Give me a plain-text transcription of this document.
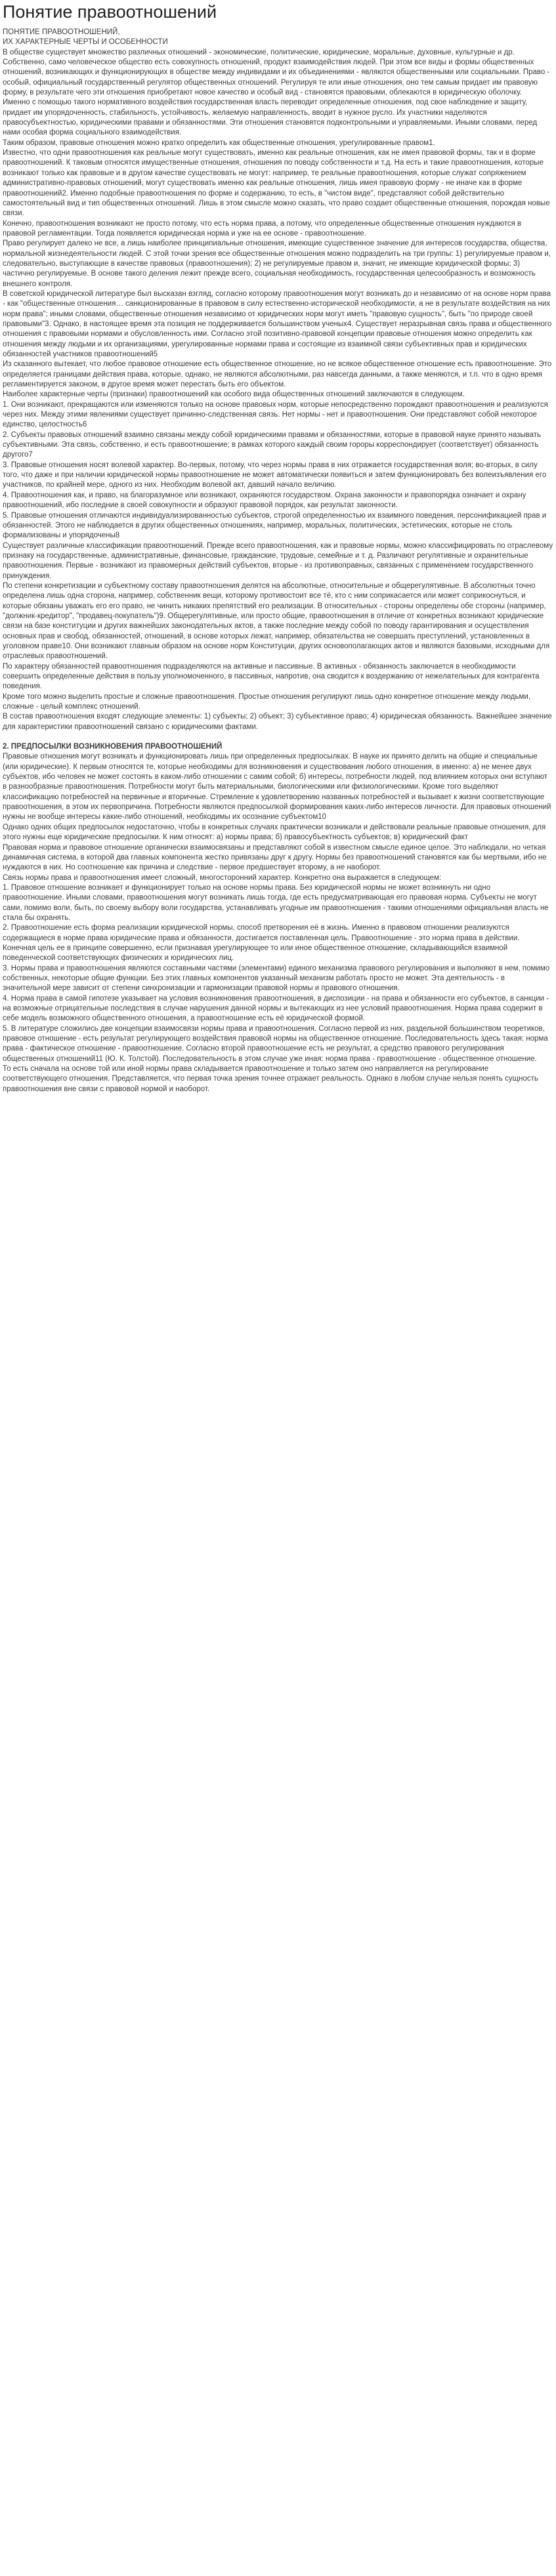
Понятие правоотношений

ПОНЯТИЕ ПРАВООТНОШЕНИЙ,

ИХ ХАРАКТЕРНЫЕ ЧЕРТЫ И ОСОБЕННОСТИ

В обществе существует множество различных отношений - экономические, политические, юридические, моральные, духовные, культурные и др. Собственно, само человеческое общество есть совокупность отношений, продукт взаимодействия людей. При этом все виды и формы общественных отношений, возникающих и функционирующих в обществе между индивидами и их объединениями - являются общественными или социальными. Право - особый, официальный государственный регулятор общественных отношений. Регулируя те или иные отношения, оно тем самым придает им правовую форму, в результате чего эти отношения приобретают новое качество и особый вид - становятся правовыми, облекаются в юридическую оболочку.

Именно с помощью такого нормативного воздействия государственная власть переводит определенные отношения, под свое наблюдение и защиту, придает им упорядоченность, стабильность, устойчивость, желаемую направленность, вводит в нужное русло. Их участники наделяются правосубъектностью, юридическими правами и обязанностями. Эти отношения становятся подконтрольными и управляемыми. Иными словами, перед нами особая форма социального взаимодействия.

Таким образом, правовые отношения можно кратко определить как общественные отношения, урегулированные правом1.

Известно, что одни правоотношения как реальные могут существовать, именно как реальные отношения, как не имея правовой формы, так и в форме правоотношений. К таковым относятся имущественные отношения, отношения по поводу собственности и т.д. На есть и такие правоотношения, которые возникают только как правовые и в другом качестве существовать не могут: например, те реальные правоотношения, которые служат сопряжением административно-правовых отношений, могут существовать именно как реальные отношения, лишь имея правовую форму - не иначе как в форме правоотношений2. Именно подобные правоотношения по форме и содержанию, то есть, в "чистом виде", представляют собой действительно самостоятельный вид и тип общественных отношений. Лишь в этом смысле можно сказать, что право создает общественные отношения, порождая новые связи.

Конечно, правоотношения возникают не просто потому, что есть норма права, а потому, что определенные общественные отношения нуждаются в правовой регламентации. Тогда появляется юридическая норма и уже на ее основе - правоотношение.

Право регулирует далеко не все, а лишь наиболее принципиальные отношения, имеющие существенное значение для интересов государства, общества, нормальной жизнедеятельности людей. С этой точки зрения все общественные отношения можно подразделить на три группы: 1) регулируемые правом и, следовательно, выступающие в качестве правовых (правоотношения); 2) не регулируемые правом и, значит, не имеющие юридической формы; 3) частично регулируемые. В основе такого деления лежит прежде всего, социальная необходимость, государственная целесообразность и возможность внешнего контроля.

В советской юридической литературе был высказан взгляд, согласно которому правоотношения могут возникать до и независимо от на основе норм права - как "общественные отношения… санкционированные в правовом в силу естественно-исторической необходимости, а не в результате воздействия на них норм права"; иными словами, общественные отношения независимо от юридических норм могут иметь "правовую сущность", быть "по природе своей правовыми"3. Однако, в настоящее время эта позиция не поддерживается большинством ученых4. Существует неразрывная связь права и общественного отношения с правовыми нормами и обусловленность ими. Согласно этой позитивно-правовой концепции правовые отношения можно определить как отношения между людьми и их организациями, урегулированные нормами права и состоящие из взаимной связи субъективных прав и юридических обязанностей участников правоотношений5

Из сказанного вытекает, что любое правовое отношение есть общественное отношение, но не всякое общественное отношение есть правоотношение. Это определяется границами действия права, которые, однако, не являются абсолютными, раз навсегда данными, а также меняются, и т.п. что в одно время регламентируется законом, в другое время может перестать быть его объектом.

Наиболее характерные черты (признаки) правоотношений как особого вида общественных отношений заключаются в следующем.

1. Они возникают, прекращаются или изменяются только на основе правовых норм, которые непосредственно порождают правоотношения и реализуются через них. Между этими явлениями существует причинно-следственная связь. Нет нормы - нет и правоотношения. Они представляют собой некоторое единство, целостность6

2. Субъекты правовых отношений взаимно связаны между собой юридическими правами и обязанностями, которые в правовой науке принято называть субъективными. Эта связь, собственно, и есть правоотношение; в рамках которого каждый своим гороры корреспондирует (соответствует) обязанность другого7

3. Правовые отношения носят волевой характер. Во-первых, потому, что через нормы права в них отражается государственная воля; во-вторых, в силу того, что даже и при наличии юридической нормы правоотношение не может автоматически появиться и затем функционировать без волеизъявления его участников, по крайней мере, одного из них. Необходим волевой акт, давший начало величию.

4. Правоотношения как, и право, на благоразумное или возникают, охраняются государством. Охрана законности и правопорядка означает и охрану правоотношений, ибо последние в своей совокупности и образуют правовой порядок, как результат законности.

5. Правовые отношения отличаются индивидуализированностью субъектов, строгой определенностью их взаимного поведения, персонификацией прав и обязанностей. Этого не наблюдается в других общественных отношениях, например, моральных, политических, эстетических, которые не столь формализованы и упорядочены8

Существует различные классификации правоотношений. Прежде всего правоотношения, как и правовые нормы, можно классифицировать по отраслевому признаку на государственные, административные, финансовые, гражданские, трудовые, семейные и т. д. Различают регулятивные и охранительные правоотношения. Первые - возникают из правомерных действий субъектов, вторые - из противоправных, связанных с применением государственного принуждения.

По степени конкретизации и субъектному составу правоотношения делятся на абсолютные, относительные и общерегулятивные. В абсолютных точно определена лишь одна сторона, например, собственник вещи, которому противостоит все тё, кто с ним соприкасается или может соприкоснуться, и которые обязаны уважать его его право, не чинить никаких препятствий его реализации. В относительных - стороны определены обе стороны (например, "должник-кредитор", "продавец-покупатель")9. Общерегулятивные, или просто общие, правоотношения в отличие от конкретных возникают юридические связи на базе конституции и других важнейших законодательных актов, а также последние между собой по поводу гарантирования и осуществления основных прав и свобод, обязанностей, отношений, в основе которых лежат, например, обязательства не совершать преступлений, установленных в уголовном праве10. Они возникают главным образом на основе норм Конституции, других основополагающих актов и являются базовыми, исходными для отраслевых правоотношений.

По характеру обязанностей правоотношения подразделяются на активные и пассивные. В активных - обязанность заключается в необходимости совершить определенные действия в пользу уполномоченного, в пассивных, напротив, она сводится к воздержанию от нежелательных для контрагента поведения.

Кроме того можно выделить простые и сложные правоотношения. Простые отношения регулируют лишь одно конкретное отношение между людьми, сложные - целый комплекс отношений.

В состав правоотношения входят следующие элементы: 1) субъекты; 2) объект; 3) субъективное право; 4) юридическая обязанность. Важнейшее значение для характеристики правоотношений связано с юридическими фактами.

2. ПРЕДПОСЫЛКИ ВОЗНИКНОВЕНИЯ ПРАВООТНОШЕНИЙ

Правовые отношения могут возникать и функционировать лишь при определенных предпосылках. В науке их принято делить на общие и специальные (или юридические). К первым относятся те, которые необходимы для возникновения и существования любого отношения, в именно: а) не менее двух субъектов, ибо человек не может состоять в каком-либо отношении с самим собой; б) интересы, потребности людей, под влиянием которых они вступают в разнообразные правоотношения. Потребности могут быть материальными, биологическими или физиологическими. Кроме того выделяют классификацию потребностей на первичные и вторичные. Стремление к удовлетворению названных потребностей и вызывает к жизни соответствующие правоотношения, в этом их первопричина. Потребности являются предпосылкой формирования каких-либо интересов личности. Для правовых отношений нужны не вообще интересы какие-либо отношений, необходимы их осознание субъектом10

Однако одних общих предпосылок недостаточно, чтобы в конкретных случаях практически возникали и действовали реальные правовые отношения, для этого нужны еще юридические предпосылки. К ним относят: а) нормы права; б) правосубъектность субъектов; в) юридический факт

Правовая норма и правовое отношение органически взаимосвязаны и представляют собой в известном смысле единое целое. Это наблюдали, но четкая динамичная система, в которой два главных компонента жестко привязаны друг к другу. Нормы без правоотношений становятся как бы мертвыми, ибо не нуждаются в них. Но соотношение как причина и следствие - первое предшествует второму, а не наоборот.

Связь нормы права и правоотношения имеет сложный, многосторонний характер. Конкретно она выражается в следующем:

1. Правовое отношение возникает и функционирует только на основе нормы права. Без юридической нормы не может возникнуть ни одно правоотношение. Иными словами, правоотношения могут возникать лишь тогда, где есть предусматривающая его правовая норма. Субъекты не могут сами, помимо воли, быть, по своему выбору воли государства, устанавливать угодные им правоотношения - такими отношениями официальная власть не стала бы охранять.

2. Правоотношение есть форма реализации юридической нормы, способ претворения её в жизнь. Именно в правовом отношении реализуются содержащиеся в норме права юридические права и обязанности, достигается поставленная цель. Правоотношение - это норма права в действии. Конечная цель ее в принципе совершенно, если признавая урегулирующее то или иное общественное отношение, складывающийся взаимной поведенческой соответствующих физических и юридических лиц.

3. Нормы права и правоотношения являются составными частями (элементами) единого механизма правового регулирования и выполняют в нем, помимо собственных, некоторые общие функции. Без этих главных компонентов указанный механизм работать просто не может. Эта деятельность - в значительной мере зависит от степени синхронизации и гармонизации правовой нормы и правового отношения.

4. Норма права в самой гипотезе указывает на условия возникновения правоотношения, в диспозиции - на права и обязанности его субъектов, в санкции - на возможные отрицательные последствия в случае нарушения данной нормы и вытекающих из нее условий правоотношения. Норма права содержит в себе модель возможного общественного отношения, а правоотношение есть её юридической формой.

5. В литературе сложились две концепции взаимосвязи нормы права и правоотношения. Согласно первой из них, раздельной большинством теоретиков, правовое отношение - есть результат регулирующего воздействия правовой нормы на общественное отношение. Последовательность здесь такая: норма права - фактическое отношение - правоотношение. Согласно второй правоотношение есть не результат, а средство правового регулирования общественных отношений11 (Ю. К. Толстой). Последовательность в этом случае уже иная: норма права - правоотношение - общественное отношение.

То есть сначала на основе той или иной нормы права складывается правоотношение и только затем оно направляется на регулирование соответствующего отношения. Представляется, что первая точка зрения точнее отражает реальность. Однако в любом случае нельзя понять сущность правоотношения вне связи с правовой нормой и наоборот.
